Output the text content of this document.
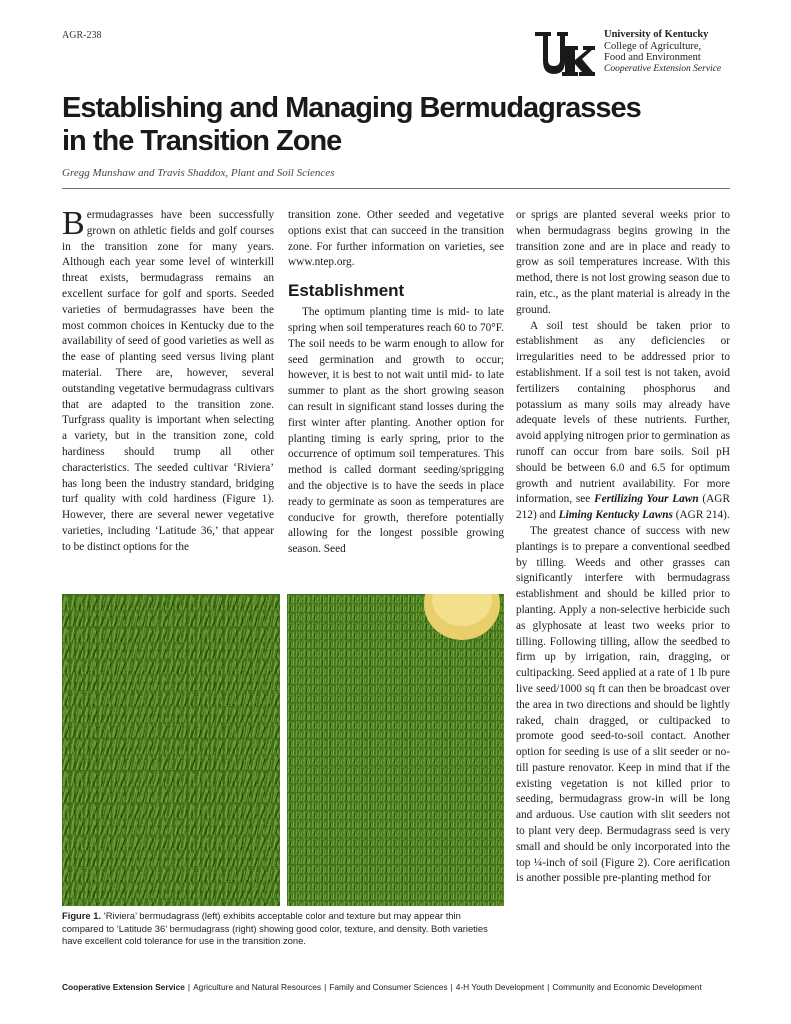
AGR-238	University of Kentucky
College of Agriculture,
Food and Environment
Cooperative Extension Service
Establishing and Managing Bermudagrasses
in the Transition Zone
Gregg Munshaw and Travis Shaddox, Plant and Soil Sciences

Bermudagrasses have been successfully grown on athletic fields and golf courses in the transition zone for many years. Although each year some level of winterkill threat exists, bermudagrass remains an excellent surface for golf and sports. Seeded varieties of bermudagrasses have been the most common choices in Kentucky due to the availability of seed of good varieties as well as the ease of planting seed versus living plant material. There are, however, several outstanding vegetative bermudagrass cultivars that are adapted to the transition zone. Turfgrass quality is important when selecting a variety, but in the transition zone, cold hardiness should trump all other characteristics. The seeded cultivar ‘Riviera’ has long been the industry standard, bridging turf quality with cold hardiness (Figure 1). However, there are several newer vegetative varieties, including ‘Latitude 36,’ that appear to be distinct options for the

transition zone. Other seeded and vegetative options exist that can succeed in the transition zone. For further information on varieties, see www.ntep.org.

Establishment

The optimum planting time is mid- to late spring when soil temperatures reach 60 to 70°F. The soil needs to be warm enough to allow for seed germination and growth to occur; however, it is best to not wait until mid- to late summer to plant as the short growing season can result in significant stand losses during the first winter after planting. Another option for planting timing is early spring, prior to the occurrence of optimum soil temperatures. This method is called dormant seeding/sprigging and the objective is to have the seeds in place ready to germinate as soon as temperatures are conducive for growth, therefore potentially allowing for the longest possible growing season. Seed

or sprigs are planted several weeks prior to when bermudagrass begins growing in the transition zone and are in place and ready to grow as soil temperatures increase. With this method, there is not lost growing season due to rain, etc., as the plant material is already in the ground.

A soil test should be taken prior to establishment as any deficiencies or irregularities need to be addressed prior to establishment. If a soil test is not taken, avoid fertilizers containing phosphorus and potassium as many soils may already have adequate levels of these nutrients. Further, avoid applying nitrogen prior to germination as runoff can occur from bare soils. Soil pH should be between 6.0 and 6.5 for optimum growth and nutrient availability. For more information, see Fertilizing Your Lawn (AGR 212) and Liming Kentucky Lawns (AGR 214).

The greatest chance of success with new plantings is to prepare a conventional seedbed by tilling. Weeds and other grasses can significantly interfere with bermudagrass establishment and should be killed prior to planting. Apply a non-selective herbicide such as glyphosate at least two weeks prior to tilling. Following tilling, allow the seedbed to firm up by irrigation, rain, dragging, or cultipacking. Seed applied at a rate of 1 lb pure live seed/1000 sq ft can then be broadcast over the area in two directions and should be lightly raked, chain dragged, or cultipacked to promote good seed-to-soil contact. Another option for seeding is use of a slit seeder or no-till pasture renovator. Keep in mind that if the existing vegetation is not killed prior to seeding, bermudagrass grow-in will be long and arduous. Use caution with slit seeders not to plant very deep. Bermudagrass seed is very small and should be only incorporated into the top ¼-inch of soil (Figure 2). Core aerification is another possible pre-planting method for

Figure 1. ‘Riviera’ bermudagrass (left) exhibits acceptable color and texture but may appear thin compared to ‘Latitude 36’ bermudagrass (right) showing good color, texture, and density. Both varieties have excellent cold tolerance for use in the transition zone.
Cooperative Extension Service | Agriculture and Natural Resources | Family and Consumer Sciences | 4-H Youth Development | Community and Economic Development
